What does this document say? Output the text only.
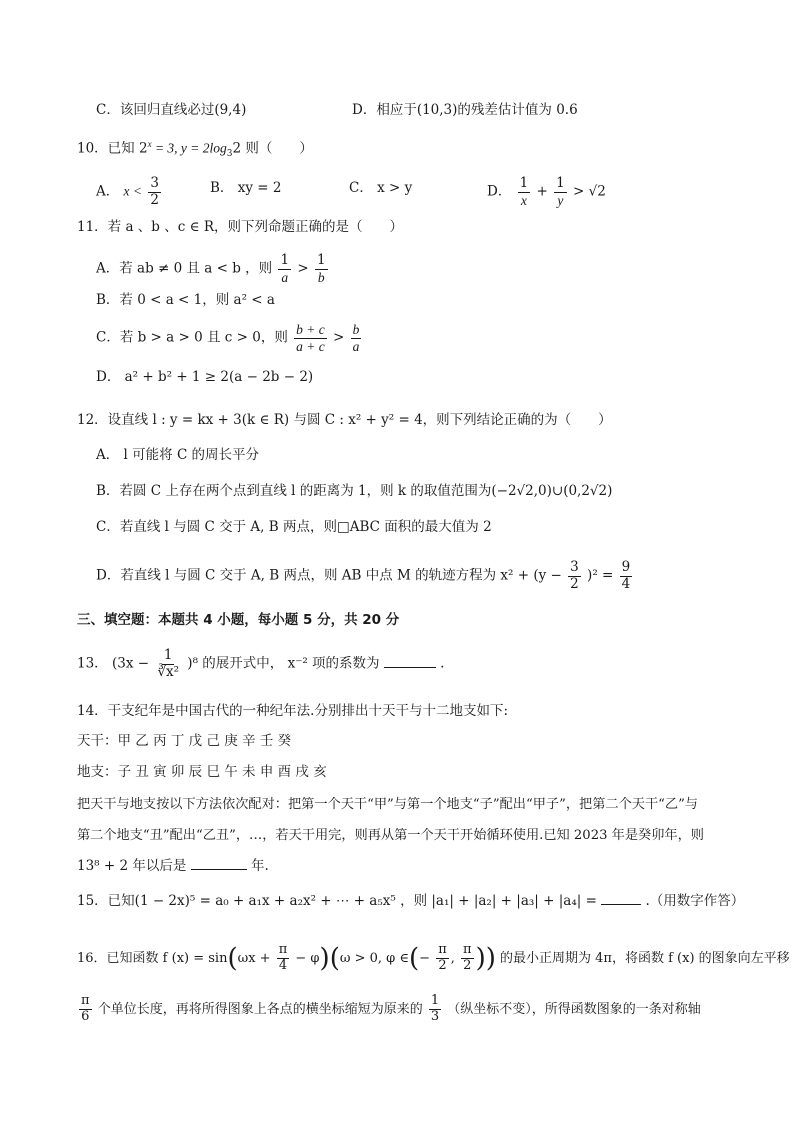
C．该回归直线必过(9,4)	D．相应于(10,3)的残差估计值为 0.6
10．已知 $2^x = 3$, $y = 2\log_32$ 则（　　）
A． $x < \frac{3}{2}$	B． xy = 2	C． x > y	D． $\frac{1}{x} + \frac{1}{y} > √2$
11．若 a 、b 、c ∈ R，则下列命题正确的是（　　）
A．若 ab ≠ 0 且 a < b ，则 $\frac{1}{a} > \frac{1}{b}$
B．若 0 < a < 1，则 a² < a
C．若 b > a > 0 且 c > 0，则 $\frac{b + c}{a + c} > \frac{b}{a}$
D． a² + b² + 1 ≥ 2(a − 2b − 2)
12．设直线 l : y = kx + 3(k ∈ R) 与圆 C : x² + y² = 4，则下列结论正确的为（　　）
A． l 可能将 C 的周长平分
B．若圆 C 上存在两个点到直线 l 的距离为 1，则 k 的取值范围为(−2√2,0)∪(0,2√2)
C．若直线 l 与圆 C 交于 A, B 两点，则□ABC 面积的最大值为 2
D．若直线 l 与圆 C 交于 A, B 两点，则 AB 中点 M 的轨迹方程为 $x^2 + (y - \frac{3}{2} )^2 = \frac{9}{4}$
三、填空题：本题共 4 小题，每小题 5 分，共 20 分
13． $(3x - \frac{1}{\text{∛x²}} )^8$ 的展开式中， x⁻² 项的系数为	.
14．干支纪年是中国古代的一种纪年法.分别排出十天干与十二地支如下:
天干：甲 乙 丙 丁 戊 己 庚 辛 壬 癸
地支：子 丑 寅 卯 辰 巳 午 未 申 酉 戌 亥
把天干与地支按以下方法依次配对：把第一个天干“甲”与第一个地支“子”配出“甲子”，把第二个天干“乙”与
第二个地支“丑”配出“乙丑”，…，若天干用完，则再从第一个天干开始循环使用.已知 2023 年是癸卯年，则
13⁸ + 2 年以后是	年.
15．已知(1 − 2x)⁵ = a₀ + a₁x + a₂x² + ⋯ + a₅x⁵ ，则 |a₁| + |a₂| + |a₃| + |a₄| =	.（用数字作答）
16．已知函数 f $(x) = \sin(\omega x + \frac{\pi}{4} - \varphi)(\omega > 0$, φ ∈(− $\frac{\pi}{2}$ , $\frac{\pi}{2}$ )) 的最小正周期为 4π，将函数 f (x) 的图象向左平移
$\frac{\pi}{6}$ 个单位长度，再将所得图象上各点的横坐标缩短为原来的 $\frac{1}{3}$ （纵坐标不变），所得函数图象的一条对称轴
